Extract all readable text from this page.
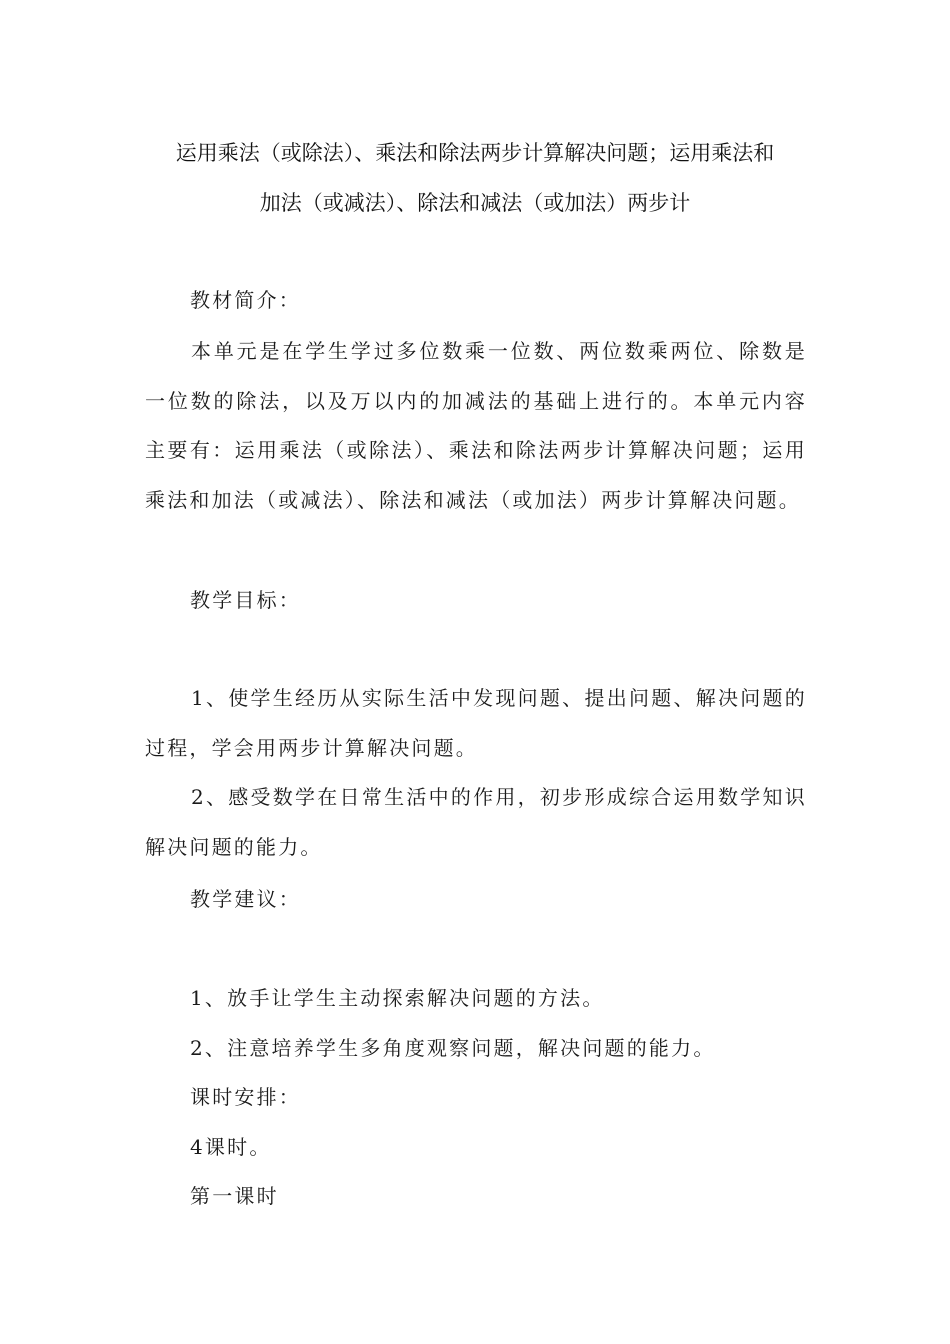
运用乘法（或除法）、乘法和除法两步计算解决问题；运用乘法和
加法（或减法）、除法和减法（或加法）两步计
教材简介：
本单元是在学生学过多位数乘一位数、两位数乘两位、除数是一位数的除法，以及万以内的加减法的基础上进行的。本单元内容主要有：运用乘法（或除法）、乘法和除法两步计算解决问题；运用乘法和加法（或减法）、除法和减法（或加法）两步计算解决问题。
教学目标：
1、使学生经历从实际生活中发现问题、提出问题、解决问题的过程，学会用两步计算解决问题。
2、感受数学在日常生活中的作用，初步形成综合运用数学知识解决问题的能力。
教学建议：
1、放手让学生主动探索解决问题的方法。
2、注意培养学生多角度观察问题，解决问题的能力。
课时安排：
4课时。
第一课时
